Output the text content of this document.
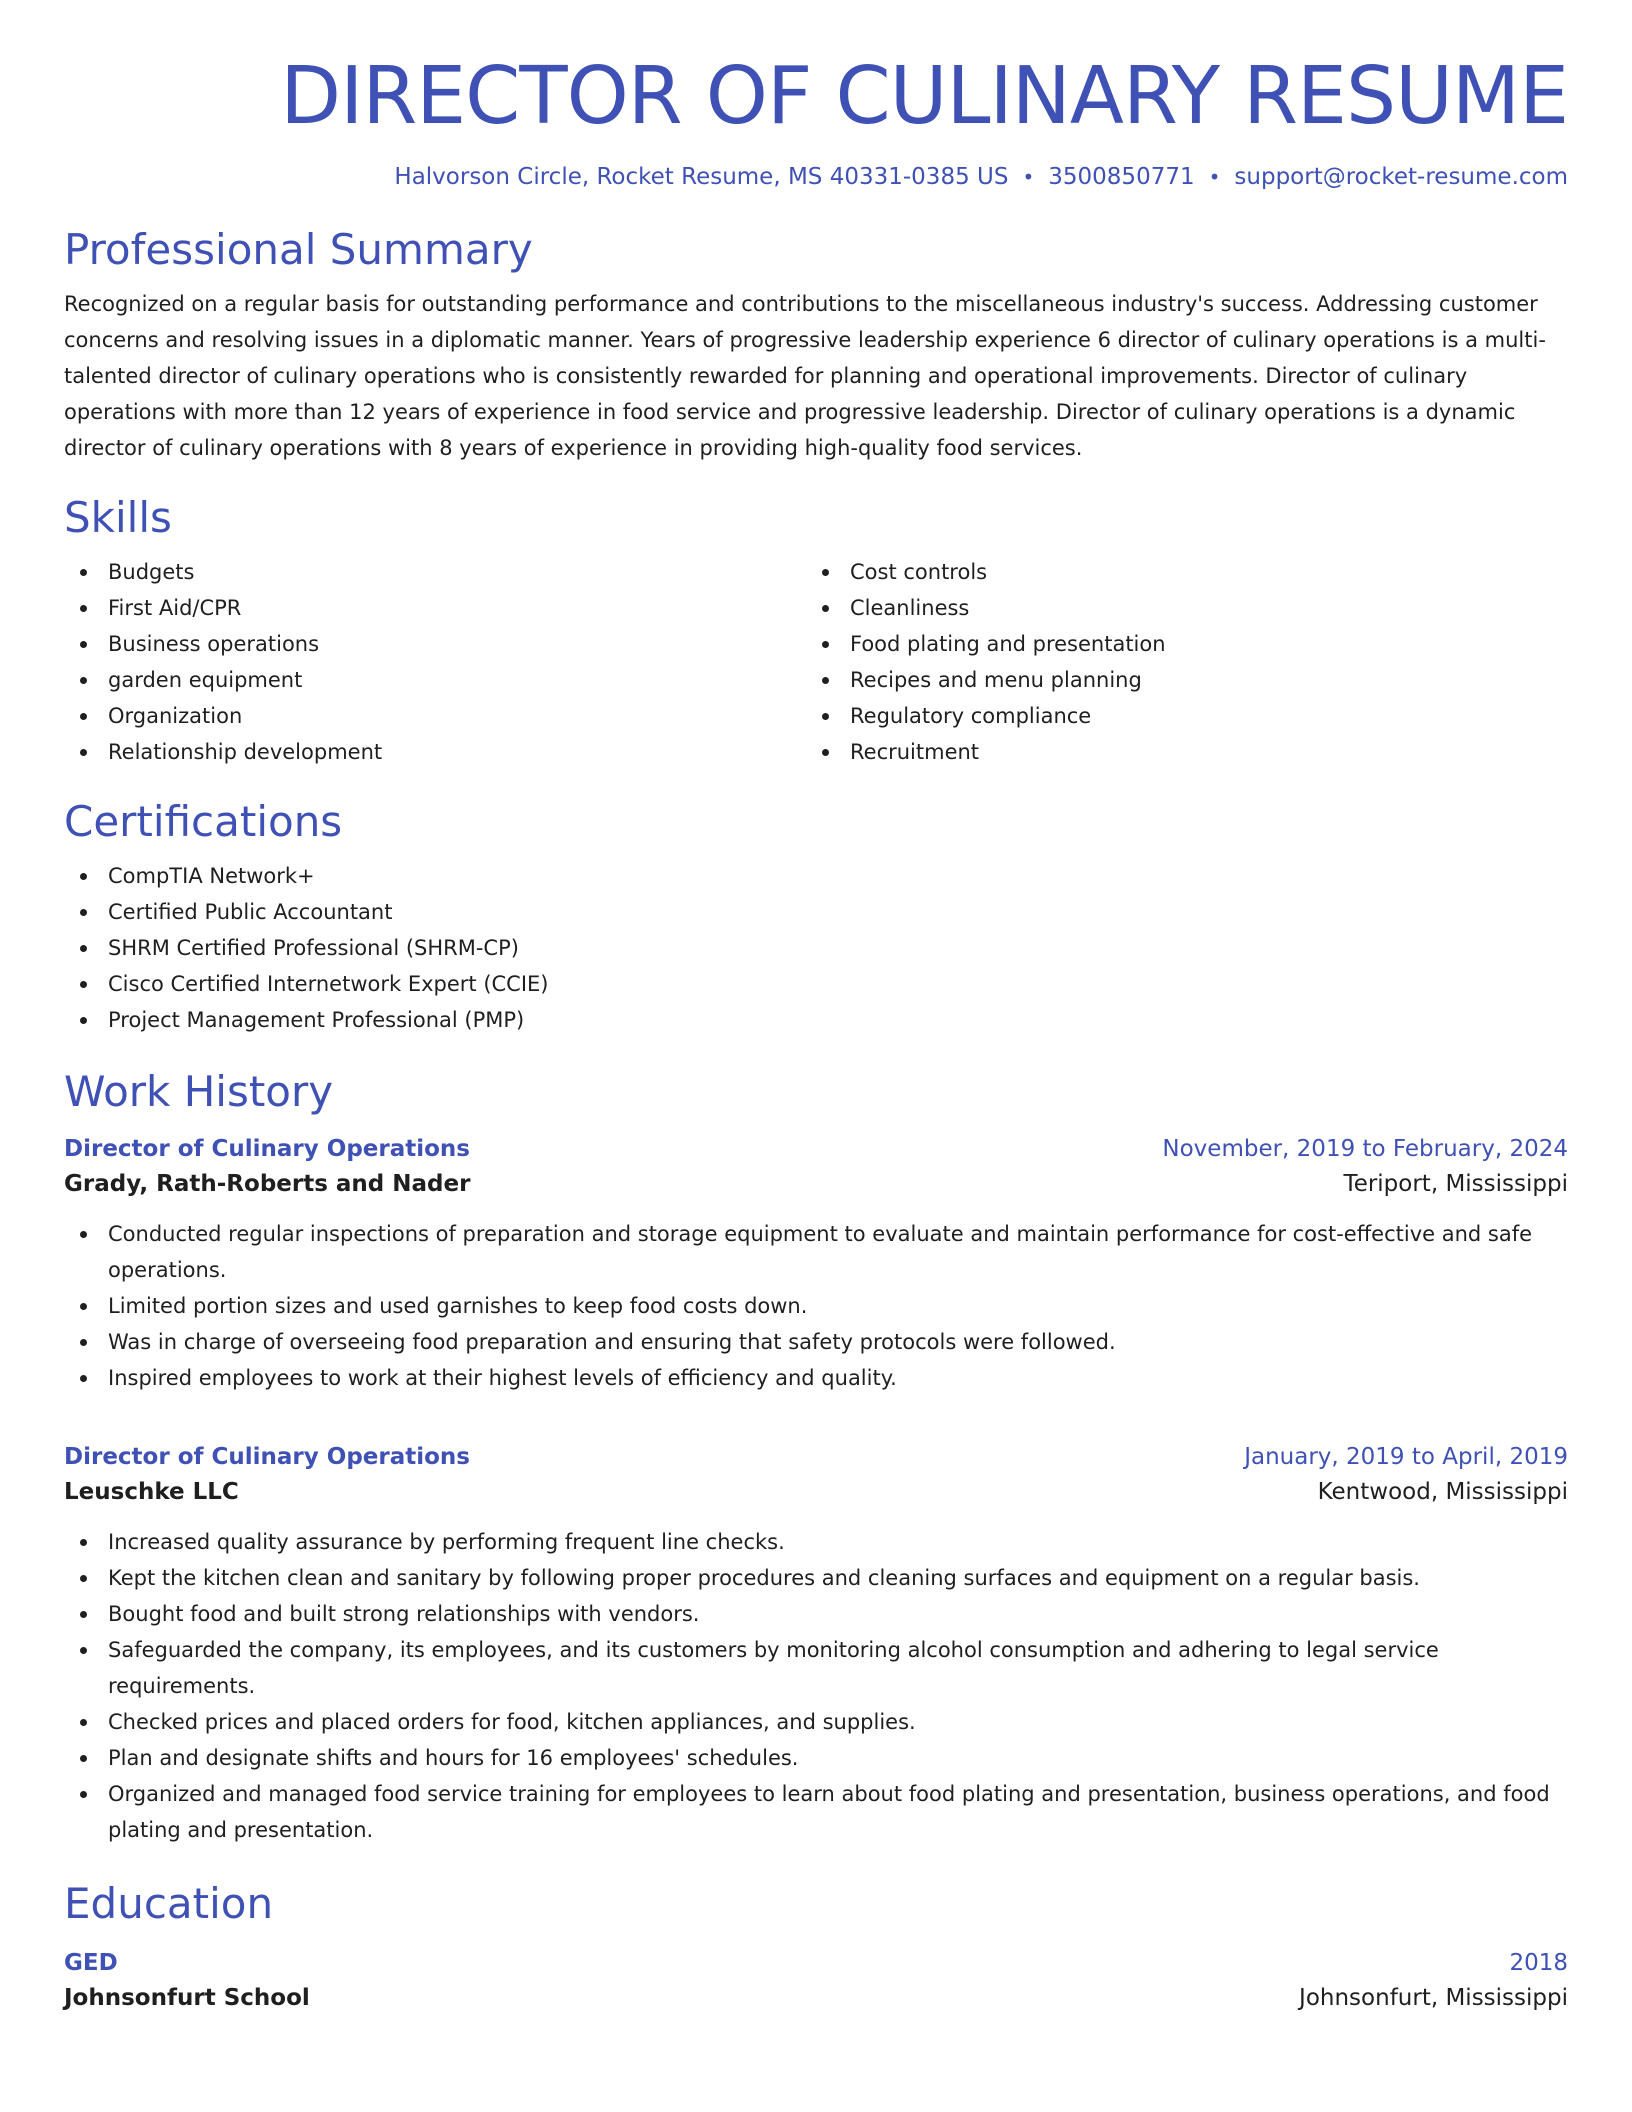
DIRECTOR OF CULINARY RESUME
Halvorson Circle, Rocket Resume, MS 40331-0385 US • 3500850771 • support@rocket-resume.com
Professional Summary
Recognized on a regular basis for outstanding performance and contributions to the miscellaneous industry's success. Addressing customer concerns and resolving issues in a diplomatic manner. Years of progressive leadership experience 6 director of culinary operations is a multi-talented director of culinary operations who is consistently rewarded for planning and operational improvements. Director of culinary operations with more than 12 years of experience in food service and progressive leadership. Director of culinary operations is a dynamic director of culinary operations with 8 years of experience in providing high-quality food services.
Skills
Budgets
First Aid/CPR
Business operations
garden equipment
Organization
Relationship development
Cost controls
Cleanliness
Food plating and presentation
Recipes and menu planning
Regulatory compliance
Recruitment
Certifications
CompTIA Network+
Certified Public Accountant
SHRM Certified Professional (SHRM-CP)
Cisco Certified Internetwork Expert (CCIE)
Project Management Professional (PMP)
Work History
Director of Culinary Operations	November, 2019 to February, 2024
Grady, Rath-Roberts and Nader	Teriport, Mississippi
Conducted regular inspections of preparation and storage equipment to evaluate and maintain performance for cost-effective and safe operations.
Limited portion sizes and used garnishes to keep food costs down.
Was in charge of overseeing food preparation and ensuring that safety protocols were followed.
Inspired employees to work at their highest levels of efficiency and quality.
Director of Culinary Operations	January, 2019 to April, 2019
Leuschke LLC	Kentwood, Mississippi
Increased quality assurance by performing frequent line checks.
Kept the kitchen clean and sanitary by following proper procedures and cleaning surfaces and equipment on a regular basis.
Bought food and built strong relationships with vendors.
Safeguarded the company, its employees, and its customers by monitoring alcohol consumption and adhering to legal service requirements.
Checked prices and placed orders for food, kitchen appliances, and supplies.
Plan and designate shifts and hours for 16 employees' schedules.
Organized and managed food service training for employees to learn about food plating and presentation, business operations, and food plating and presentation.
Education
GED	2018
Johnsonfurt School	Johnsonfurt, Mississippi
